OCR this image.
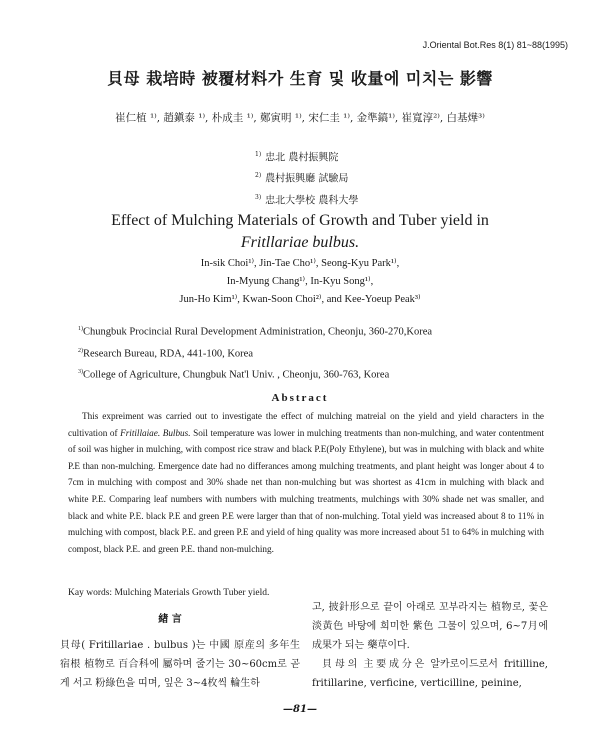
J.Oriental Bot.Res 8(1) 81~88(1995)
貝母 栽培時 被覆材料가 生育 및 收量에 미치는 影響
崔仁植 ¹⁾, 趙鎭泰 ¹⁾, 朴成圭 ¹⁾, 鄭寅明 ¹⁾, 宋仁圭 ¹⁾, 金準鎬¹⁾, 崔寬淳²⁾, 白基燁³⁾
$^{1)}$ 忠北 農村振興院
$^{2)}$ 農村振興廳 試驗局
$^{3)}$ 忠北大學校 農科大學
Effect of Mulching Materials of Growth and Tuber yield in
Fritllariae bulbus.
In-sik Choi¹⁾, Jin-Tae Cho¹⁾, Seong-Kyu Park¹⁾,
In-Myung Chang¹⁾, In-Kyu Song¹⁾,
Jun-Ho Kim¹⁾, Kwan-Soon Choi²⁾, and Kee-Yoeup Peak³⁾
$^{1)}$Chungbuk Procincial Rural Development Administration, Cheonju, 360-270,Korea
$^{2)}$Research Bureau, RDA, 441-100, Korea
$^{3)}$College of Agriculture, Chungbuk Nat'l Univ. , Cheonju, 360-763, Korea
Abstract
This expreiment was carried out to investigate the effect of mulching matreial on the yield and yield characters in the cultivation of Fritillaiae. Bulbus. Soil temperature was lower in mulching treatments than non-mulching, and water contentment of soil was higher in mulching, with compost rice straw and black P.E(Poly Ethylene), but was in mulching with black and white P.E than non-mulching. Emergence date had no differances among mulching treatments, and plant height was longer about 4 to 7cm in mulching with compost and 30% shade net than non-mulching but was shortest as 41cm in mulching with black and white P.E. Comparing leaf numbers with numbers with mulching treatments, mulchings with 30% shade net was smaller, and black and white P.E. black P.E and green P.E were larger than that of non-mulching. Total yield was increased about 8 to 11% in mulching with compost, black P.E. and green P.E and yield of hing quality was more increased about 51 to 64% in mulching with compost, black P.E. and green P.E. thand non-mulching.
Kay words: Mulching Materials Growth Tuber yield.
緖 言
貝母( Fritillariae . bulbus )는 中國 原産의 多年生 宿根 植物로 百合科에 屬하며 줄기는 30~60cm로 곧게 서고 粉綠色을 띠며, 잎은 3~4枚씩 輪生하
고, 披針形으로 끝이 아래로 꼬부라지는 植物로, 꽃은 淡黃色 바탕에 희미한 紫色 그물이 있으며, 6~7月에 成果가 되는 藥草이다.
貝母의 主要成分은 알카로이드로서 fritilline, fritillarine, verficine, verticilline, peinine,
—81—
